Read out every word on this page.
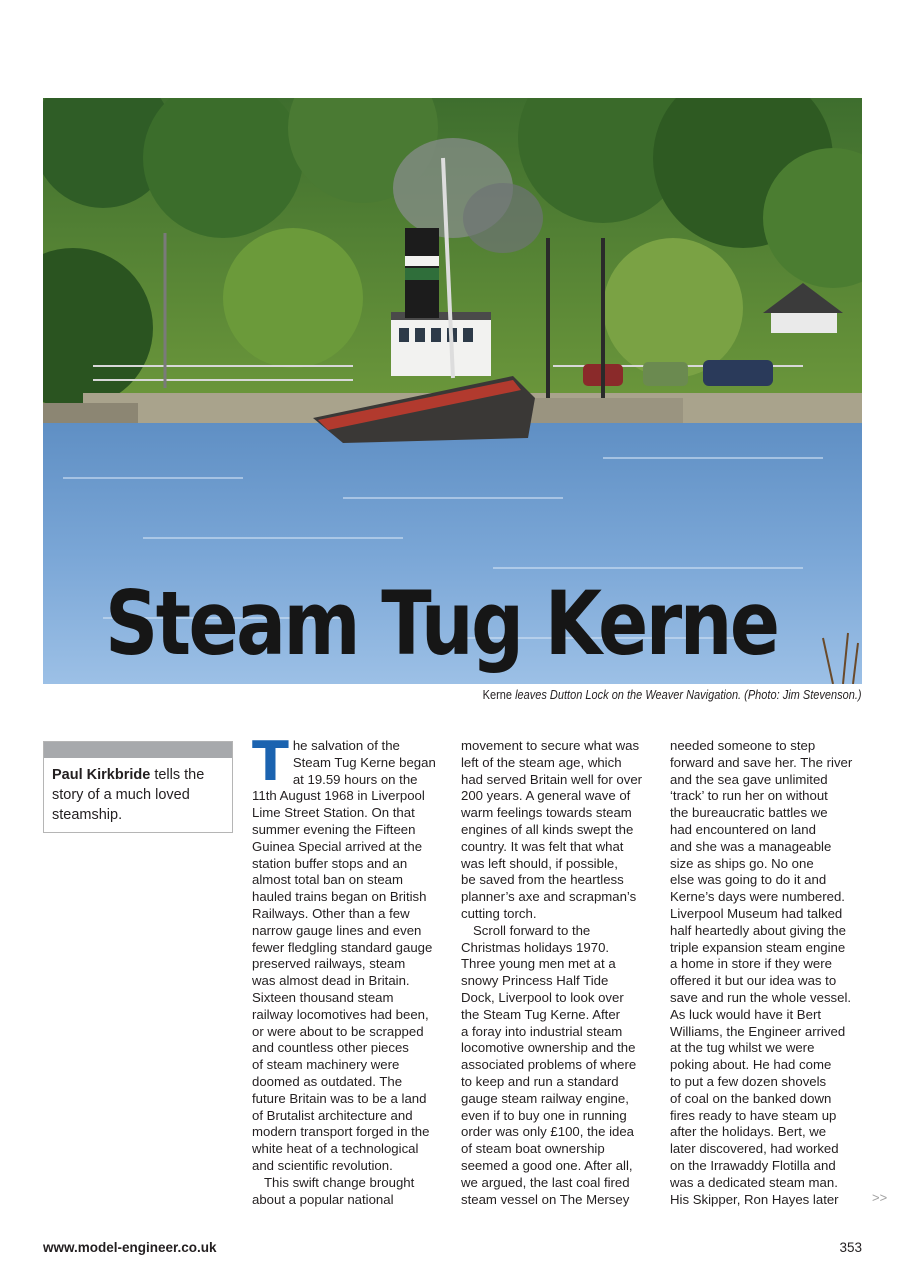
Steam Tug Kerne
Kerne leaves Dutton Lock on the Weaver Navigation. (Photo: Jim Stevenson.)
Paul Kirkbride tells the story of a much loved steamship.
T he salvation of the
Steam Tug Kerne began
at 19.59 hours on the
11th August 1968 in Liverpool
Lime Street Station. On that
summer evening the Fifteen
Guinea Special arrived at the
station buffer stops and an
almost total ban on steam
hauled trains began on British
Railways. Other than a few
narrow gauge lines and even
fewer fledgling standard gauge
preserved railways, steam
was almost dead in Britain.
Sixteen thousand steam
railway locomotives had been,
or were about to be scrapped
and countless other pieces
of steam machinery were
doomed as outdated. The
future Britain was to be a land
of Brutalist architecture and
modern transport forged in the
white heat of a technological
and scientific revolution.

This swift change brought
about a popular national

movement to secure what was
left of the steam age, which
had served Britain well for over
200 years. A general wave of
warm feelings towards steam
engines of all kinds swept the
country. It was felt that what
was left should, if possible,
be saved from the heartless
planner’s axe and scrapman’s
cutting torch.

Scroll forward to the
Christmas holidays 1970.
Three young men met at a
snowy Princess Half Tide
Dock, Liverpool to look over
the Steam Tug Kerne. After
a foray into industrial steam
locomotive ownership and the
associated problems of where
to keep and run a standard
gauge steam railway engine,
even if to buy one in running
order was only £100, the idea
of steam boat ownership
seemed a good one. After all,
we argued, the last coal fired
steam vessel on The Mersey

needed someone to step
forward and save her. The river
and the sea gave unlimited
‘track’ to run her on without
the bureaucratic battles we
had encountered on land
and she was a manageable
size as ships go. No one
else was going to do it and
Kerne’s days were numbered.
Liverpool Museum had talked
half heartedly about giving the
triple expansion steam engine
a home in store if they were
offered it but our idea was to
save and run the whole vessel.
As luck would have it Bert
Williams, the Engineer arrived
at the tug whilst we were
poking about. He had come
to put a few dozen shovels
of coal on the banked down
fires ready to have steam up
after the holidays. Bert, we
later discovered, had worked
on the Irrawaddy Flotilla and
was a dedicated steam man.
His Skipper, Ron Hayes later	>>
www.model-engineer.co.uk	353
